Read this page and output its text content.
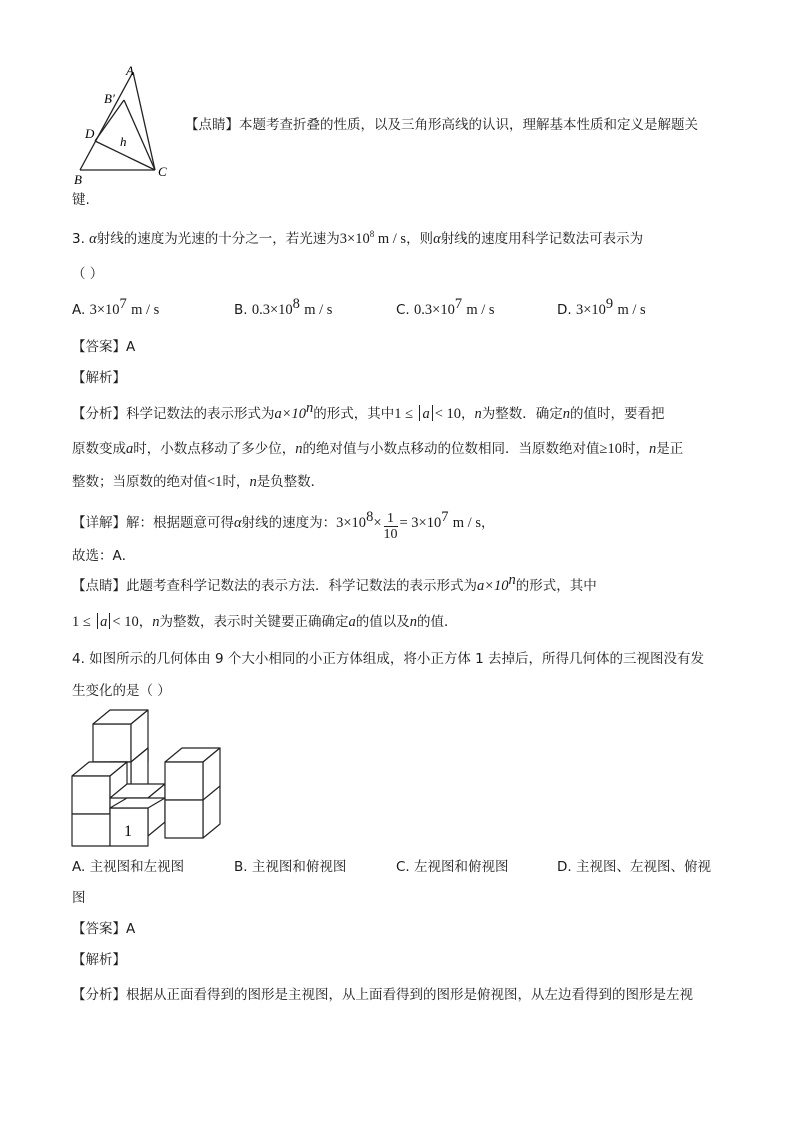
A
B′
D
h
B
C
【点睛】本题考查折叠的性质，以及三角形高线的认识，理解基本性质和定义是解题关
键.
3. α射线的速度为光速的十分之一，若光速为$3\times 10^8$ m / s，则α射线的速度用科学记数法可表示为
（ ）
A. $3\times 10^7$ m / s	B. $0.3\times 10^8$ m / s	C. $0.3\times 10^7$ m / s	D. $3\times 10^9$ m / s
【答案】A
【解析】
【分析】科学记数法的表示形式为$a\times 10^n$的形式，其中1 ≤ a < 10，n为整数．确定n的值时，要看把
原数变成a时，小数点移动了多少位，n的绝对值与小数点移动的位数相同．当原数绝对值≥10时，n是正
整数；当原数的绝对值<1时，n是负整数．
【详解】解：根据题意可得α射线的速度为：$3\times 10^8\times \frac{1}{10} = 3\times 10^7$ m / s，
故选：A．
【点睛】此题考查科学记数法的表示方法．科学记数法的表示形式为$a\times 10^n$的形式，其中
1 ≤ a < 10，n为整数，表示时关键要正确确定a的值以及n的值．
4. 如图所示的几何体由 9 个大小相同的小正方体组成，将小正方体 1 去掉后，所得几何体的三视图没有发
生变化的是（ ）
1
A. 主视图和左视图	B. 主视图和俯视图	C. 左视图和俯视图	D. 主视图、左视图、俯视
图
【答案】A
【解析】
【分析】根据从正面看得到的图形是主视图，从上面看得到的图形是俯视图，从左边看得到的图形是左视
